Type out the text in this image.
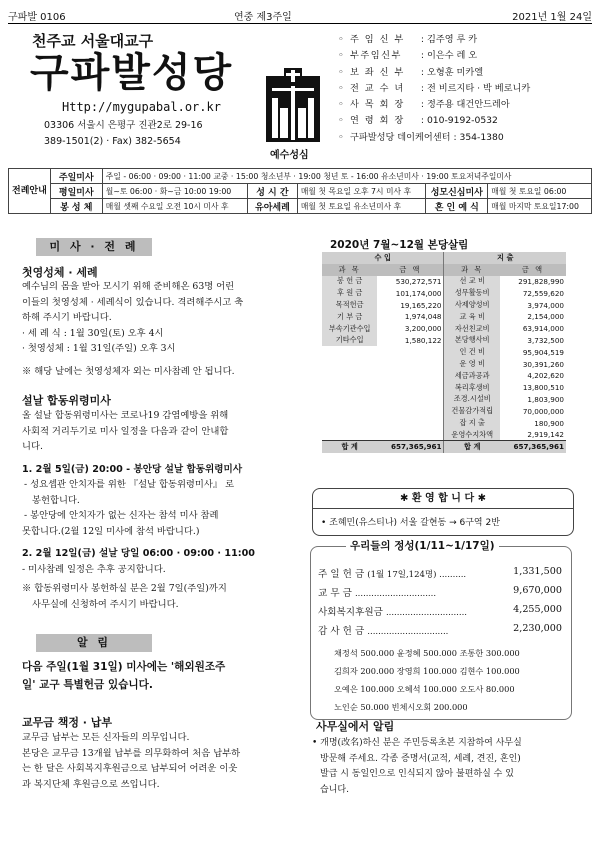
구파발 0106	연중 제3주일	2021년 1월 24일
천주교 서울대교구
구파발성당
Http://mygupabal.or.kr
03306 서울시 은평구 진관2로 29-16
389-1501(2) · Fax) 382-5654
예수성심
◦ 주 임 신 부 : 김주영 루 카
◦ 부주임신부 : 이은수 레 오
◦ 보 좌 신 부 : 오형훈 미카엘
◦ 전 교 수 녀 : 전 비르지타 · 박 베로니카
◦ 사 목 회 장 : 정주용 대건안드레아
◦ 연 령 회 장 : 010-9192-0532
◦ 구파발성당 데이케어센터 : 354-1380
전례안내	주일미사	주일 - 06:00 · 09:00 · 11:00 교중 · 15:00 청소년부 · 19:00 청년 토 - 16:00 유소년미사 · 19:00 토요저녁주일미사				
	평일미사	월~토 06:00 · 화~금 10:00 19:00	성 시 간	매월 첫 목요일 오후 7시 미사 후	성모신심미사	매월 첫 토요일 06:00
	봉 성 체	매월 셋째 수요일 오전 10시 미사 후	유아세례	매월 첫 토요일 유소년미사 후	혼 인 예 식	매월 마지막 토요일17:00
미 사 · 전 례
첫영성체 · 세례
예수님의 몸을 받아 모시기 위해 준비해온 63명 어린
이들의 첫영성체 · 세례식이 있습니다. 격려해주시고 축
하해 주시기 바랍니다.
· 세 례 식 : 1월 30일(토) 오후 4시
· 첫영성체 : 1월 31일(주일) 오후 3시
※ 해당 날에는 첫영성체자 외는 미사참례 안 됩니다.
설날 합동위령미사
올 설날 합동위령미사는 코로나19 감염예방을 위해
사회적 거리두기로 미사 일정을 다음과 같이 안내합
니다.
1. 2월 5일(금) 20:00 - 봉안당 설날 합동위령미사
- 성요셉관 안치자를 위한 『설날 합동위령미사』 로
봉헌합니다.
- 봉안당에 안치자가 없는 신자는 참석 미사 참례
못합니다.(2월 12일 미사에 참석 바랍니다.)
2. 2월 12일(금) 설날 당일 06:00 · 09:00 · 11:00
- 미사참례 일정은 추후 공지합니다.
※ 합동위령미사 봉헌하실 분은 2월 7일(주일)까지
사무실에 신청하여 주시기 바랍니다.
알 림
다음 주일(1월 31일) 미사에는 '해외원조주
일' 교구 특별헌금 있습니다.
교무금 책정 · 납부
교무금 납부는 모든 신자들의 의무입니다.
본당은 교무금 13개월 납부를 의무화하여 처음 납부하
는 한 달은 사회복지후원금으로 납부되어 어려운 이웃
과 복지단체 후원금으로 쓰입니다.
2020년 7월~12월 본당살림
수 입		지 출	
과 목	금 액	과 목	금 액
봉 헌 금	530,272,571	선 교 비	291,828,990
후 원 금	101,174,000	성무활동비	72,559,620
목적헌금	19,165,220	사제양성비	3,974,000
기 부 금	1,974,048	교 육 비	2,154,000
부속기관수입	3,200,000	자선친교비	63,914,000
기타수입	1,580,122	본당행사비	3,732,500
		인 건 비	95,904,519
		운 영 비	30,391,260
		세금과공과	4,202,620
		복리후생비	13,800,510
		조경.시설비	1,803,900
		건물감가적립	70,000,000
		잡 지 출	180,900
		운영수지차액	2,919,142
합 계	657,365,961	합 계	657,365,961
✱ 환 영 합 니 다 ✱
• 조혜민(유스티나) 서울 갈현동 → 6구역 2반
우리들의 정성(1/11~1/17일)
주 일 헌 금 (1월 17일,124명) ..........	1,331,500
교 무 금 ..............................	9,670,000
사회복지후원금 ..............................	4,255,000
감 사 헌 금 ..............................	2,230,000
채정석 500.000 윤정혜 500.000 조통한 300.000
김희자 200.000 장영희 100.000 김현수 100.000
오예은 100.000 오혜석 100.000 오도사 80.000
노인순 50.000 빈체시오회 200.000
사무실에서 알림
• 개명(改名)하신 분은 주민등록초본 지참하여 사무실
방문해 주세요. 각종 증명서(교적, 세례, 견진, 혼인)
발급 시 동일인으로 인식되지 않아 불편하실 수 있
습니다.
